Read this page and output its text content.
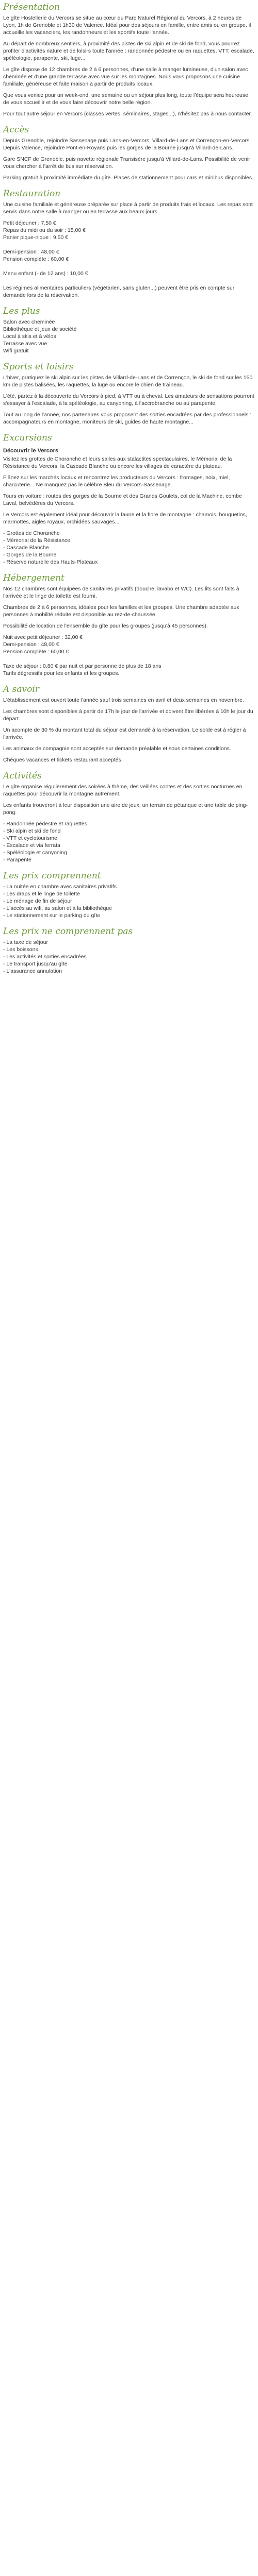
Présentation

Le gîte Hostellerie du Vercors se situe au cœur du Parc Naturel Régional du Vercors, à 2 heures de Lyon, 1h de Grenoble et 1h30 de Valence. Idéal pour des séjours en famille, entre amis ou en groupe, il accueille les vacanciers, les randonneurs et les sportifs toute l'année.

Au départ de nombreux sentiers, à proximité des pistes de ski alpin et de ski de fond, vous pourrez profiter d'activités nature et de loisirs toute l'année : randonnée pédestre ou en raquettes, VTT, escalade, spéléologie, parapente, ski, luge...

Le gîte dispose de 12 chambres de 2 à 6 personnes, d'une salle à manger lumineuse, d'un salon avec cheminée et d'une grande terrasse avec vue sur les montagnes. Nous vous proposons une cuisine familiale, généreuse et faite maison à partir de produits locaux.

Que vous veniez pour un week-end, une semaine ou un séjour plus long, toute l'équipe sera heureuse de vous accueillir et de vous faire découvrir notre belle région.

Pour tout autre séjour en Vercors (classes vertes, séminaires, stages...), n'hésitez pas à nous contacter.

Accès

Depuis Grenoble, rejoindre Sassenage puis Lans-en-Vercors, Villard-de-Lans et Corrençon-en-Vercors. Depuis Valence, rejoindre Pont-en-Royans puis les gorges de la Bourne jusqu'à Villard-de-Lans.

Gare SNCF de Grenoble, puis navette régionale Transisère jusqu'à Villard-de-Lans. Possibilité de venir vous chercher à l'arrêt de bus sur réservation.

Parking gratuit à proximité immédiate du gîte. Places de stationnement pour cars et minibus disponibles.

Restauration

Une cuisine familiale et généreuse préparée sur place à partir de produits frais et locaux. Les repas sont servis dans notre salle à manger ou en terrasse aux beaux jours.

Petit déjeuner : 7,50 €
Repas du midi ou du soir : 15,00 €
Panier pique-nique : 9,50 €
Demi-pension : 48,00 €
Pension complète : 60,00 €
Menu enfant (- de 12 ans) : 10,00 €
Les régimes alimentaires particuliers (végétarien, sans gluten...) peuvent être pris en compte sur demande lors de la réservation.
Les plus
Salon avec cheminée
Bibliothèque et jeux de société
Local à skis et à vélos
Terrasse avec vue
Wifi gratuit
Sports et loisirs

L'hiver, pratiquez le ski alpin sur les pistes de Villard-de-Lans et de Corrençon, le ski de fond sur les 150 km de pistes balisées, les raquettes, la luge ou encore le chien de traîneau.

L'été, partez à la découverte du Vercors à pied, à VTT ou à cheval. Les amateurs de sensations pourront s'essayer à l'escalade, à la spéléologie, au canyoning, à l'accrobranche ou au parapente.

Tout au long de l'année, nos partenaires vous proposent des sorties encadrées par des professionnels : accompagnateurs en montagne, moniteurs de ski, guides de haute montagne...

Excursions
Découvrir le Vercors

Visitez les grottes de Choranche et leurs salles aux stalactites spectaculaires, le Mémorial de la Résistance du Vercors, la Cascade Blanche ou encore les villages de caractère du plateau.

Flânez sur les marchés locaux et rencontrez les producteurs du Vercors : fromages, noix, miel, charcuterie... Ne manquez pas le célèbre Bleu du Vercors-Sassenage.

Tours en voiture : routes des gorges de la Bourne et des Grands Goulets, col de la Machine, combe Laval, belvédères du Vercors.

Le Vercors est également idéal pour découvrir la faune et la flore de montagne : chamois, bouquetins, marmottes, aigles royaux, orchidées sauvages...

- Grottes de Choranche
- Mémorial de la Résistance
- Cascade Blanche
- Gorges de la Bourne
- Réserve naturelle des Hauts-Plateaux
Hébergement

Nos 12 chambres sont équipées de sanitaires privatifs (douche, lavabo et WC). Les lits sont faits à l'arrivée et le linge de toilette est fourni.

Chambres de 2 à 6 personnes, idéales pour les familles et les groupes. Une chambre adaptée aux personnes à mobilité réduite est disponible au rez-de-chaussée.

Possibilité de location de l'ensemble du gîte pour les groupes (jusqu'à 45 personnes).

Nuit avec petit déjeuner : 32,00 €
Demi-pension : 48,00 €
Pension complète : 60,00 €
Taxe de séjour : 0,80 € par nuit et par personne de plus de 18 ans
Tarifs dégressifs pour les enfants et les groupes.
A savoir

L'établissement est ouvert toute l'année sauf trois semaines en avril et deux semaines en novembre.

Les chambres sont disponibles à partir de 17h le jour de l'arrivée et doivent être libérées à 10h le jour du départ.

Un acompte de 30 % du montant total du séjour est demandé à la réservation. Le solde est à régler à l'arrivée.

Les animaux de compagnie sont acceptés sur demande préalable et sous certaines conditions.

Chèques vacances et tickets restaurant acceptés.

Activités

Le gîte organise régulièrement des soirées à thème, des veillées contes et des sorties nocturnes en raquettes pour découvrir la montagne autrement.

Les enfants trouveront à leur disposition une aire de jeux, un terrain de pétanque et une table de ping-pong.

- Randonnée pédestre et raquettes
- Ski alpin et ski de fond
- VTT et cyclotourisme
- Escalade et via ferrata
- Spéléologie et canyoning
- Parapente
Les prix comprennent
- La nuitée en chambre avec sanitaires privatifs
- Les draps et le linge de toilette
- Le ménage de fin de séjour
- L'accès au wifi, au salon et à la bibliothèque
- Le stationnement sur le parking du gîte
Les prix ne comprennent pas
- La taxe de séjour
- Les boissons
- Les activités et sorties encadrées
- Le transport jusqu'au gîte
- L'assurance annulation
